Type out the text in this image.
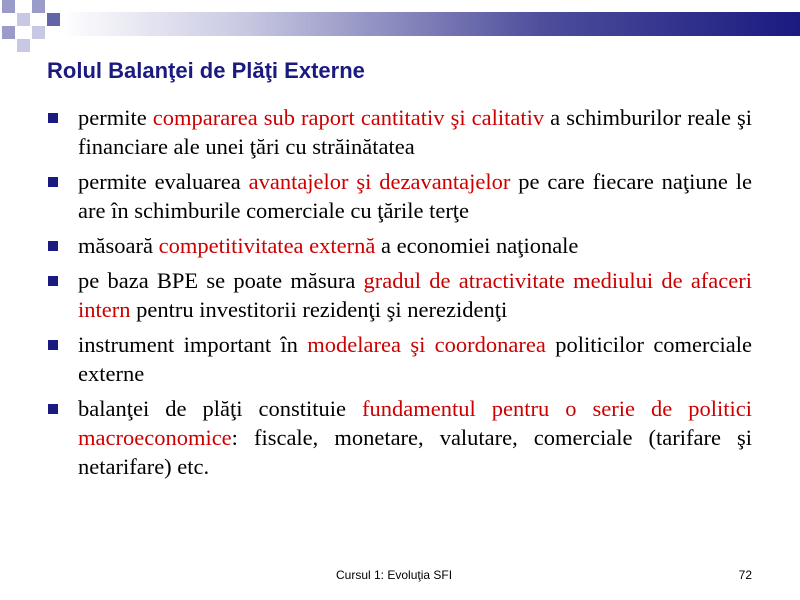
Rolul Balanţei de Plăţi Externe
permite compararea sub raport cantitativ şi calitativ a schimburilor reale şi financiare ale unei ţări cu străinătatea
permite evaluarea avantajelor şi dezavantajelor pe care fiecare naţiune le are în schimburile comerciale cu ţările terţe
măsoară competitivitatea externă a economiei naţionale
pe baza BPE se poate măsura gradul de atractivitate mediului de afaceri intern pentru investitorii rezidenţi şi nerezidenţi
instrument important în modelarea şi coordonarea politicilor comerciale externe
balanţei de plăţi constituie fundamentul pentru o serie de politici macroeconomice: fiscale, monetare, valutare, comerciale (tarifare şi netarifare) etc.
Cursul 1: Evoluţia SFI	72
